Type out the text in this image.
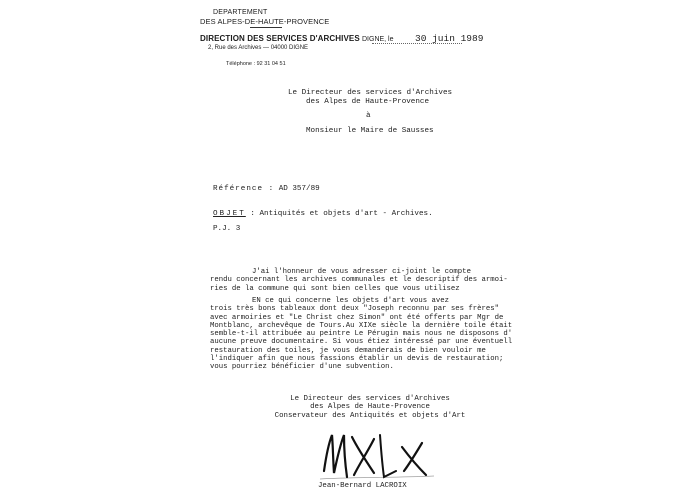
DEPARTEMENT
DES ALPES-DE-HAUTE-PROVENCE
DIRECTION DES SERVICES D'ARCHIVES
2, Rue des Archives — 04000 DIGNE
Téléphone : 92 31 04 51
DIGNE, le 30 juin 1989
Le Directeur des services d'Archives
des Alpes de Haute-Provence
à
Monsieur le Maire de Sausses
Référence : AD 357/89
OBJET : Antiquités et objets d'art - Archives.
P.J. 3
J'ai l'honneur de vous adresser ci-joint le compte
rendu concernant les archives communales et le descriptif des armoi-
ries de la commune qui sont bien celles que vous utilisez
EN ce qui concerne les objets d'art vous avez
trois très bons tableaux dont deux "Joseph reconnu par ses frères"
avec armoiries et "Le Christ chez Simon" ont été offerts par Mgr de
Montblanc, archevêque de Tours.Au XIXe siècle la dernière toile était
semble-t-il attribuée au peintre Le Pérugin mais nous ne disposons d'
aucune preuve documentaire. Si vous étiez intéressé par une éventuell
restauration des toiles, je vous demanderais de bien vouloir me
l'indiquer afin que nous fassions établir un devis de restauration;
vous pourriez bénéficier d'une subvention.
Le Directeur des services d'Archives
des Alpes de Haute-Provence
Conservateur des Antiquités et objets d'Art
Jean-Bernard LACROIX
